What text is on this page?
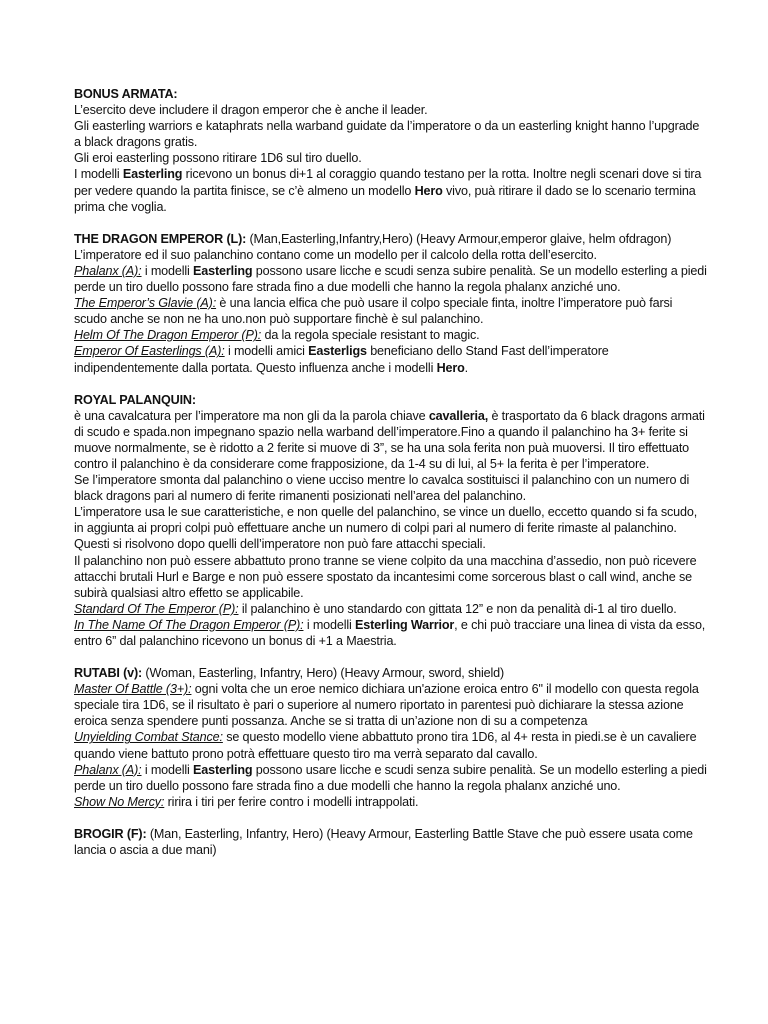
BONUS ARMATA:

L’esercito deve includere il dragon emperor che è anche il leader.

Gli easterling warriors e kataphrats nella warband guidate da l’imperatore o da un easterling knight hanno l’upgrade a black dragons gratis.

Gli eroi easterling possono ritirare 1D6 sul tiro duello.

I modelli Easterling ricevono un bonus di+1 al coraggio quando testano per la rotta. Inoltre negli scenari dove si tira per vedere quando la partita finisce, se c’è almeno un modello Hero vivo, puà ritirare il dado se lo scenario termina prima che voglia.

THE DRAGON EMPEROR (L): (Man,Easterling,Infantry,Hero) (Heavy Armour,emperor glaive, helm ofdragon)

L’imperatore ed il suo palanchino contano come un modello per il calcolo della rotta dell’esercito.

Phalanx (A): i modelli Easterling possono usare licche e scudi senza subire penalità. Se un modello esterling a piedi perde un tiro duello possono fare strada fino a due modelli che hanno la regola phalanx anziché uno.

The Emperor’s Glavie (A): è una lancia elfica che può usare il colpo speciale finta, inoltre l’imperatore può farsi scudo anche se non ne ha uno.non può supportare finchè è sul palanchino.

Helm Of The Dragon Emperor (P): da la regola speciale resistant to magic.

Emperor Of Easterlings (A): i modelli amici Easterligs beneficiano dello Stand Fast dell’imperatore indipendentemente dalla portata. Questo influenza anche i modelli Hero.

ROYAL PALANQUIN:

è una cavalcatura per l’imperatore ma non gli da la parola chiave cavalleria, è trasportato da 6 black dragons armati di scudo e spada.non impegnano spazio nella warband dell’imperatore.Fino a quando il palanchino ha 3+ ferite si muove normalmente, se è ridotto a 2 ferite si muove di 3”, se ha una sola ferita non puà muoversi. Il tiro effettuato contro il palanchino è da considerare come frapposizione, da 1-4 su di lui, al 5+ la ferita è per l’imperatore.

Se l’imperatore smonta dal palanchino o viene ucciso mentre lo cavalca sostituisci il palanchino con un numero di black dragons pari al numero di ferite rimanenti posizionati nell’area del palanchino.

L’imperatore usa le sue caratteristiche, e non quelle del palanchino, se vince un duello, eccetto quando si fa scudo, in aggiunta ai propri colpi può effettuare anche un numero di colpi pari al numero di ferite rimaste al palanchino. Questi si risolvono dopo quelli dell’imperatore non può fare attacchi speciali.

Il palanchino non può essere abbattuto prono tranne se viene colpito da una macchina d’assedio, non può ricevere attacchi brutali Hurl e Barge e non può essere spostato da incantesimi come sorcerous blast o call wind, anche se subirà qualsiasi altro effetto se applicabile.

Standard Of The Emperor (P): il palanchino è uno standardo con gittata 12” e non da penalità di-1 al tiro duello.

In The Name Of The Dragon Emperor (P): i modelli Esterling Warrior, e chi può tracciare una linea di vista da esso, entro 6” dal palanchino ricevono un bonus di +1 a Maestria.

RUTABI (v): (Woman, Easterling, Infantry, Hero) (Heavy Armour, sword, shield)

Master Of Battle (3+): ogni volta che un eroe nemico dichiara un'azione eroica entro 6" il modello con questa regola speciale tira 1D6, se il risultato è pari o superiore al numero riportato in parentesi può dichiarare la stessa azione eroica senza spendere punti possanza. Anche se si tratta di un’azione non di su a competenza

Unyielding Combat Stance: se questo modello viene abbattuto prono tira 1D6, al 4+ resta in piedi.se è un cavaliere quando viene battuto prono potrà effettuare questo tiro ma verrà separato dal cavallo.

Phalanx (A): i modelli Easterling possono usare licche e scudi senza subire penalità. Se un modello esterling a piedi perde un tiro duello possono fare strada fino a due modelli che hanno la regola phalanx anziché uno.

Show No Mercy: ririra i tiri per ferire contro i modelli intrappolati.

BROGIR (F): (Man, Easterling, Infantry, Hero) (Heavy Armour, Easterling Battle Stave che può essere usata come lancia o ascia a due mani)
